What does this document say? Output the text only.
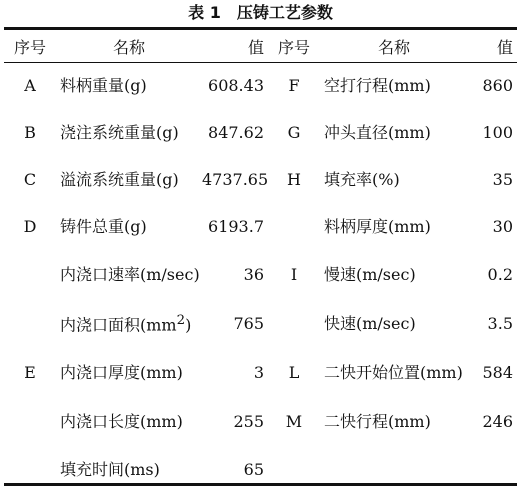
表 1　压铸工艺参数
序号	名称	值	序号	名称	值
A	料柄重量(g)	608.43	F	空打行程(mm)	860
B	浇注系统重量(g)	847.62	G	冲头直径(mm)	100
C	溢流系统重量(g)	4737.65	H	填充率(%)	35
D	铸件总重(g)	6193.7		料柄厚度(mm)	30
	内浇口速率(m/sec)	36	I	慢速(m/sec)	0.2
	内浇口面积$(mm^2)$	765		快速(m/sec)	3.5
E	内浇口厚度(mm)	3	L	二快开始位置(mm)	584
	内浇口长度(mm)	255	M	二快行程(mm)	246
	填充时间(ms)	65			
